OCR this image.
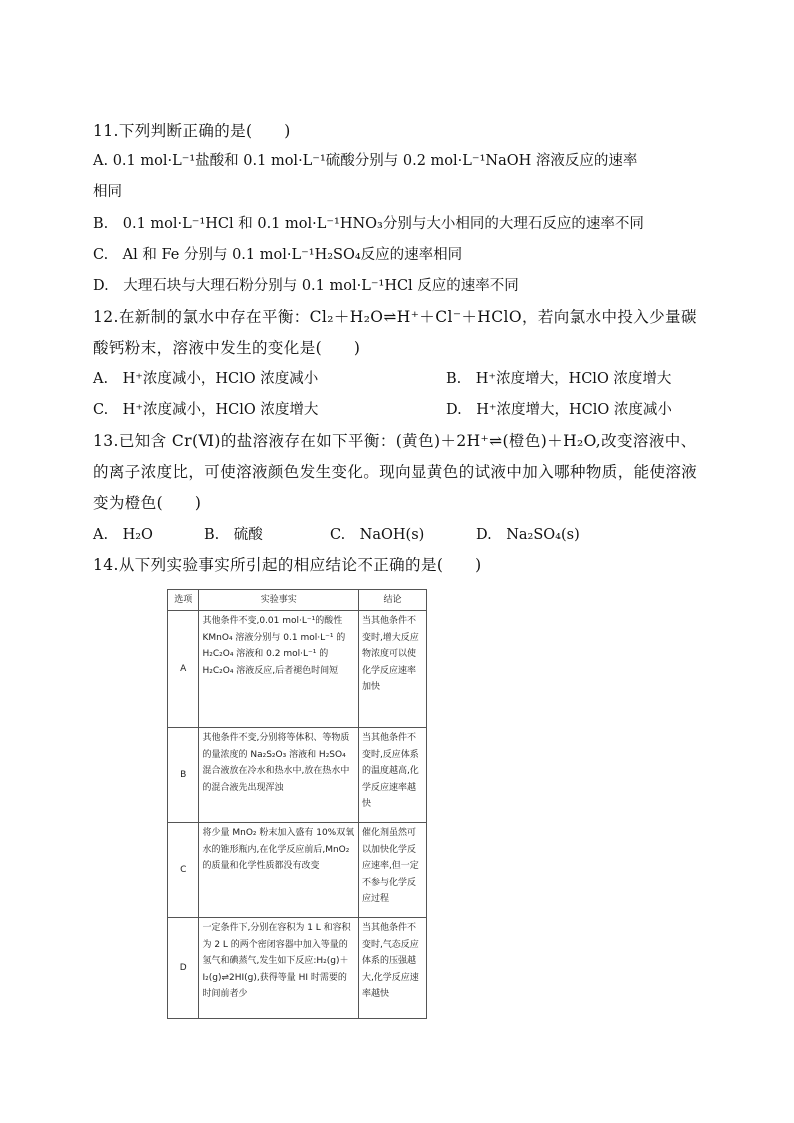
11.下列判断正确的是(　　)
A. 0.1 mol·L⁻¹盐酸和 0.1 mol·L⁻¹硫酸分别与 0.2 mol·L⁻¹NaOH 溶液反应的速率
相同
B.　0.1 mol·L⁻¹HCl 和 0.1 mol·L⁻¹HNO₃分别与大小相同的大理石反应的速率不同
C.　Al 和 Fe 分别与 0.1 mol·L⁻¹H₂SO₄反应的速率相同
D.　大理石块与大理石粉分别与 0.1 mol·L⁻¹HCl 反应的速率不同
12.在新制的氯水中存在平衡：Cl₂＋H₂O⇌H⁺＋Cl⁻＋HClO，若向氯水中投入少量碳
酸钙粉末，溶液中发生的变化是(　　)
A.　H⁺浓度减小，HClO 浓度减小	B.　H⁺浓度增大，HClO 浓度增大
C.　H⁺浓度减小，HClO 浓度增大	D.　H⁺浓度增大，HClO 浓度减小
13.已知含 Cr(Ⅵ)的盐溶液存在如下平衡：(黄色)＋2H⁺⇌(橙色)＋H₂O,改变溶液中、
的离子浓度比，可使溶液颜色发生变化。现向显黄色的试液中加入哪种物质，能使溶液
变为橙色(　　)
A.　H₂O	B.　硫酸	C.　NaOH(s)	D.　Na₂SO₄(s)
14.从下列实验事实所引起的相应结论不正确的是(　　)
选项	实验事实	结论
A	其他条件不变,0.01 mol·L⁻¹的酸性 KMnO₄ 溶液分别与 0.1 mol·L⁻¹ 的 H₂C₂O₄ 溶液和 0.2 mol·L⁻¹ 的 H₂C₂O₄ 溶液反应,后者褪色时间短	当其他条件不变时,增大反应物浓度可以使化学反应速率加快
B	其他条件不变,分别将等体积、等物质的量浓度的 Na₂S₂O₃ 溶液和 H₂SO₄ 混合液放在冷水和热水中,放在热水中的混合液先出现浑浊	当其他条件不变时,反应体系的温度越高,化学反应速率越快
C	将少量 MnO₂ 粉末加入盛有 10%双氧水的锥形瓶内,在化学反应前后,MnO₂ 的质量和化学性质都没有改变	催化剂虽然可以加快化学反应速率,但一定不参与化学反应过程
D	一定条件下,分别在容积为 1 L 和容积为 2 L 的两个密闭容器中加入等量的氢气和碘蒸气,发生如下反应:H₂(g)＋I₂(g)⇌2HI(g),获得等量 HI 时需要的时间前者少	当其他条件不变时,气态反应体系的压强越大,化学反应速率越快
